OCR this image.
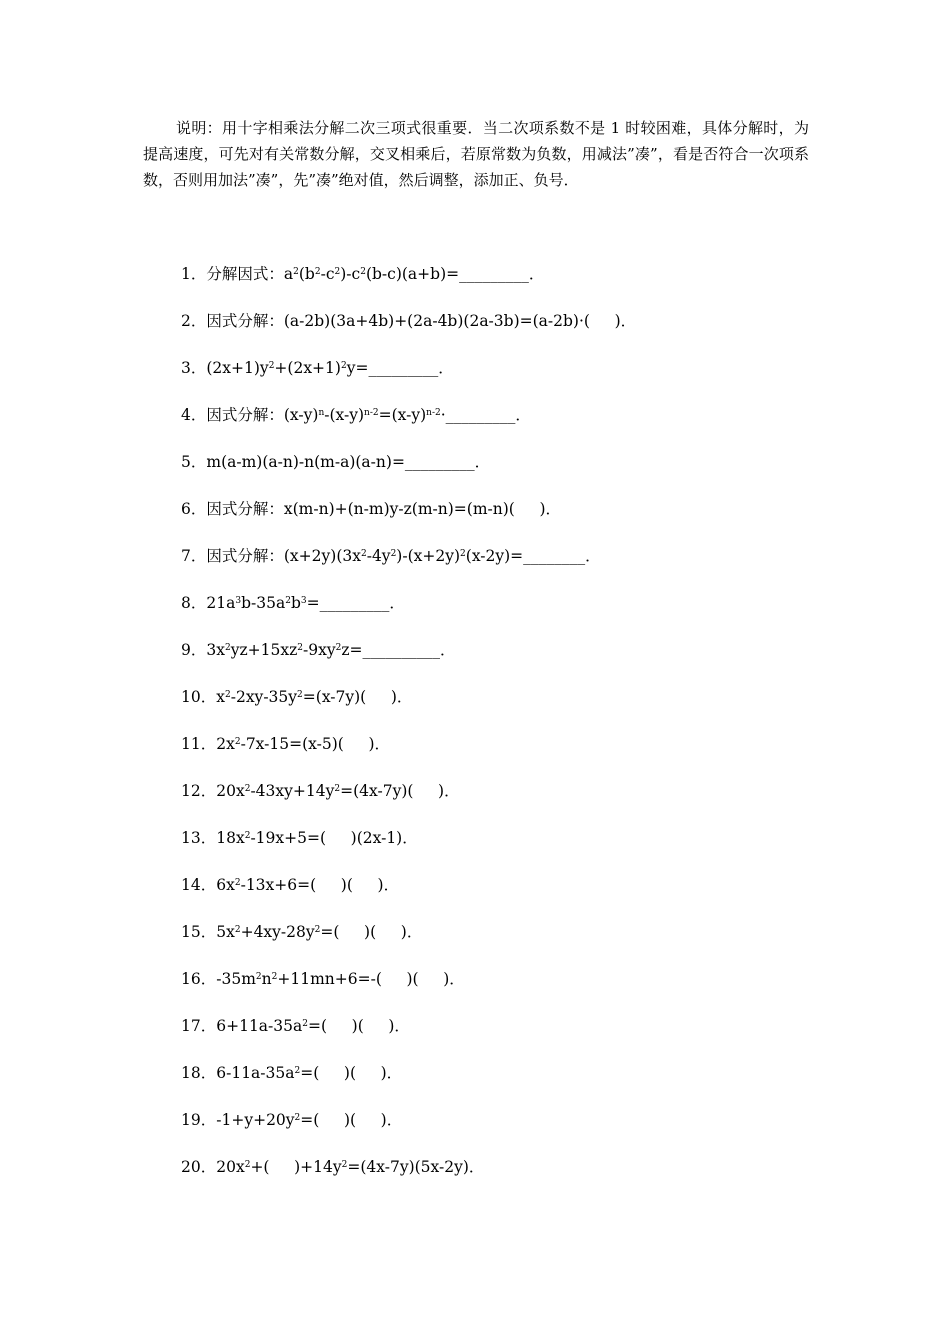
说明：用十字相乘法分解二次三项式很重要．当二次项系数不是 1 时较困难，具体分解时，为提高速度，可先对有关常数分解，交叉相乘后，若原常数为负数，用减法”凑”，看是否符合一次项系数，否则用加法”凑”，先”凑”绝对值，然后调整，添加正、负号．

1．分解因式：$a^2(b^2-c^2)-c^2(b-c)(a+b)=\_\_\_\_\_\_\_\_\_$．
2．因式分解：(a-2b)(3a+4b)+(2a-4b)(2a-3b)=(a-2b)·(     )．
3．$(2x+1)y^2+(2x+1)^2y=\_\_\_\_\_\_\_\_\_$．
4．因式分解：$(x-y)^n-(x-y)^{n-2}=(x-y)^{n-2}\cdot\_\_\_\_\_\_\_\_\_$．
5．m(a-m)(a-n)-n(m-a)(a-n)=_________．
6．因式分解：x(m-n)+(n-m)y-z(m-n)=(m-n)(     )．
7．因式分解：$(x+2y)(3x^2-4y^2)-(x+2y)^2(x-2y)=\_\_\_\_\_\_\_\_$．
8．$21a^3b-35a^2b^3=\_\_\_\_\_\_\_\_\_$．
9．$3x^2yz+15xz^2-9xy^2z=\_\_\_\_\_\_\_\_\_\_$．
10．$x^2-2xy-35y^2=(x-7y)$(     )．
11．$2x^2-7x-15=(x-5)$(     )．
12．$20x^2-43xy+14y^2=(4x-7y)$(     )．
13．$18x^2-19x+5=$(     )(2x-1)．
14．$6x^2-13x+6=$(     )(     )．
15．$5x^2+4xy-28y^2=$(     )(     )．
16．$-35m^2n^2+11mn+6=-$(     )(     )．
17．$6+11a-35a^2=$(     )(     )．
18．$6-11a-35a^2=$(     )(     )．
19．$-1+y+20y^2=$(     )(     )．
20．$20x^2+$(     )$+14y^2=(4x-7y)(5x-2y)$．
